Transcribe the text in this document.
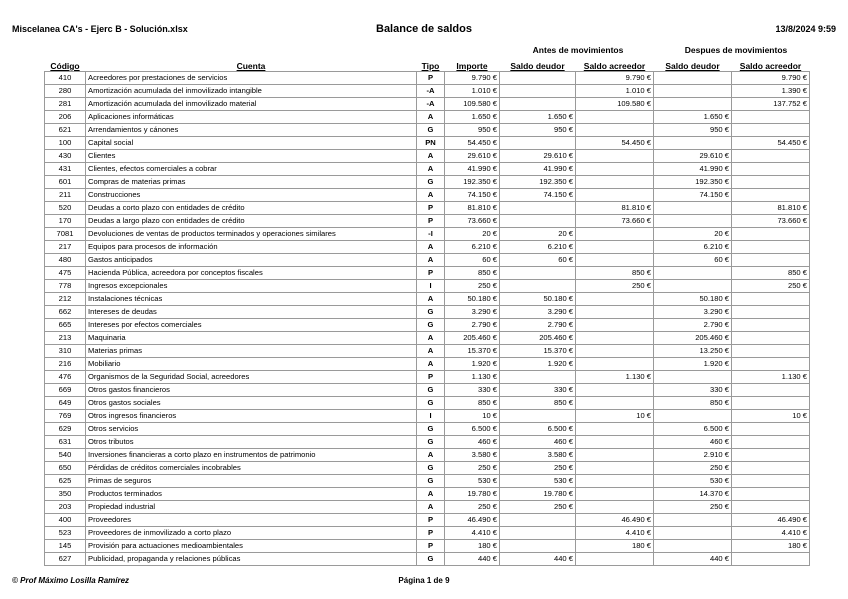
Miscelanea CA's - Ejerc B - Solución.xlsx	Balance de saldos	13/8/2024 9:59
Antes de movimientos	Despues de movimientos
Código	Cuenta	Tipo	Importe	Saldo deudor	Saldo acreedor	Saldo deudor	Saldo acreedor
410	Acreedores por prestaciones de servicios	P	9.790 €		9.790 €		9.790 €
280	Amortización acumulada del inmovilizado intangible	-A	1.010 €		1.010 €		1.390 €
281	Amortización acumulada del inmovilizado material	-A	109.580 €		109.580 €		137.752 €
206	Aplicaciones informáticas	A	1.650 €	1.650 €		1.650 €	
621	Arrendamientos y cánones	G	950 €	950 €		950 €	
100	Capital social	PN	54.450 €		54.450 €		54.450 €
430	Clientes	A	29.610 €	29.610 €		29.610 €	
431	Clientes, efectos comerciales a cobrar	A	41.990 €	41.990 €		41.990 €	
601	Compras de materias primas	G	192.350 €	192.350 €		192.350 €	
211	Construcciones	A	74.150 €	74.150 €		74.150 €	
520	Deudas a corto plazo con entidades de crédito	P	81.810 €		81.810 €		81.810 €
170	Deudas a largo plazo con entidades de crédito	P	73.660 €		73.660 €		73.660 €
7081	Devoluciones de ventas de productos terminados y operaciones similares	-I	20 €	20 €		20 €	
217	Equipos para procesos de información	A	6.210 €	6.210 €		6.210 €	
480	Gastos anticipados	A	60 €	60 €		60 €	
475	Hacienda Pública, acreedora por conceptos fiscales	P	850 €		850 €		850 €
778	Ingresos excepcionales	I	250 €		250 €		250 €
212	Instalaciones técnicas	A	50.180 €	50.180 €		50.180 €	
662	Intereses de deudas	G	3.290 €	3.290 €		3.290 €	
665	Intereses por efectos comerciales	G	2.790 €	2.790 €		2.790 €	
213	Maquinaria	A	205.460 €	205.460 €		205.460 €	
310	Materias primas	A	15.370 €	15.370 €		13.250 €	
216	Mobiliario	A	1.920 €	1.920 €		1.920 €	
476	Organismos de la Seguridad Social, acreedores	P	1.130 €		1.130 €		1.130 €
669	Otros gastos financieros	G	330 €	330 €		330 €	
649	Otros gastos sociales	G	850 €	850 €		850 €	
769	Otros ingresos financieros	I	10 €		10 €		10 €
629	Otros servicios	G	6.500 €	6.500 €		6.500 €	
631	Otros tributos	G	460 €	460 €		460 €	
540	Inversiones financieras a corto plazo en instrumentos de patrimonio	A	3.580 €	3.580 €		2.910 €	
650	Pérdidas de créditos comerciales incobrables	G	250 €	250 €		250 €	
625	Primas de seguros	G	530 €	530 €		530 €	
350	Productos terminados	A	19.780 €	19.780 €		14.370 €	
203	Propiedad industrial	A	250 €	250 €		250 €	
400	Proveedores	P	46.490 €		46.490 €		46.490 €
523	Proveedores de inmovilizado a corto plazo	P	4.410 €		4.410 €		4.410 €
145	Provisión para actuaciones medioambientales	P	180 €		180 €		180 €
627	Publicidad, propaganda y relaciones públicas	G	440 €	440 €		440 €	
© Prof Máximo Losilla Ramírez	Página 1 de 9
